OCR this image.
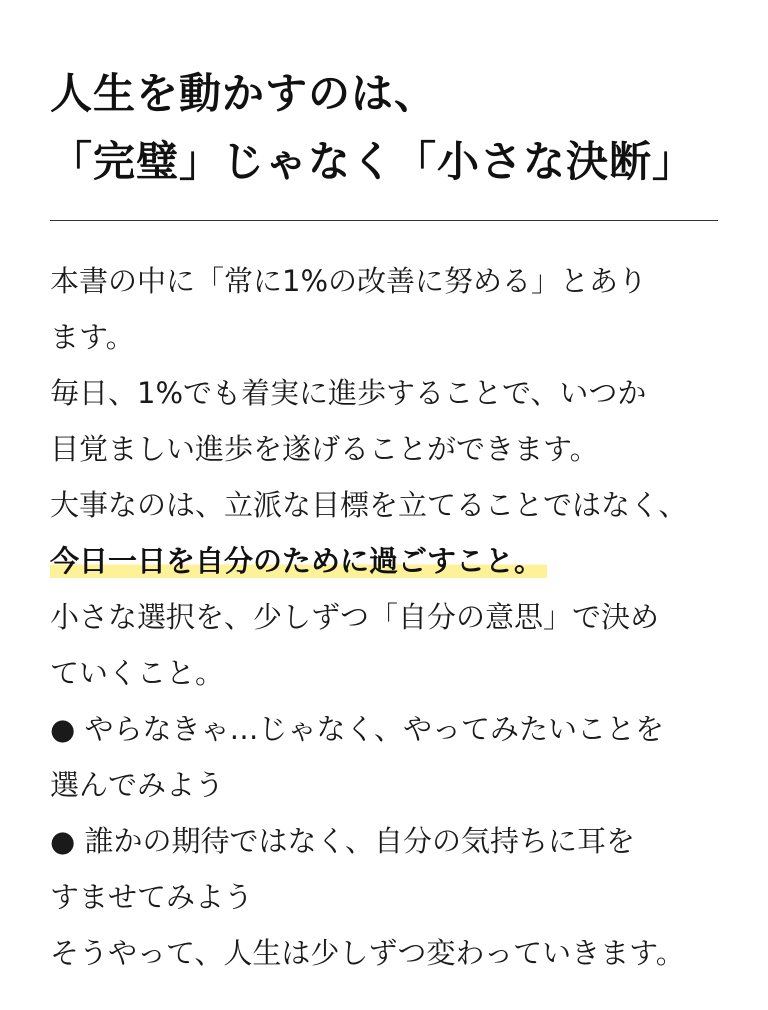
人生を動かすのは、
「完璧」じゃなく「小さな決断」
本書の中に「常に1%の改善に努める」とあり
ます。
毎日、1%でも着実に進歩することで、いつか
目覚ましい進歩を遂げることができます。
大事なのは、立派な目標を立てることではなく、
今日一日を自分のために過ごすこと。
小さな選択を、少しずつ「自分の意思」で決め
ていくこと。
● やらなきゃ…じゃなく、やってみたいことを
選んでみよう
● 誰かの期待ではなく、自分の気持ちに耳を
すませてみよう
そうやって、人生は少しずつ変わっていきます。
